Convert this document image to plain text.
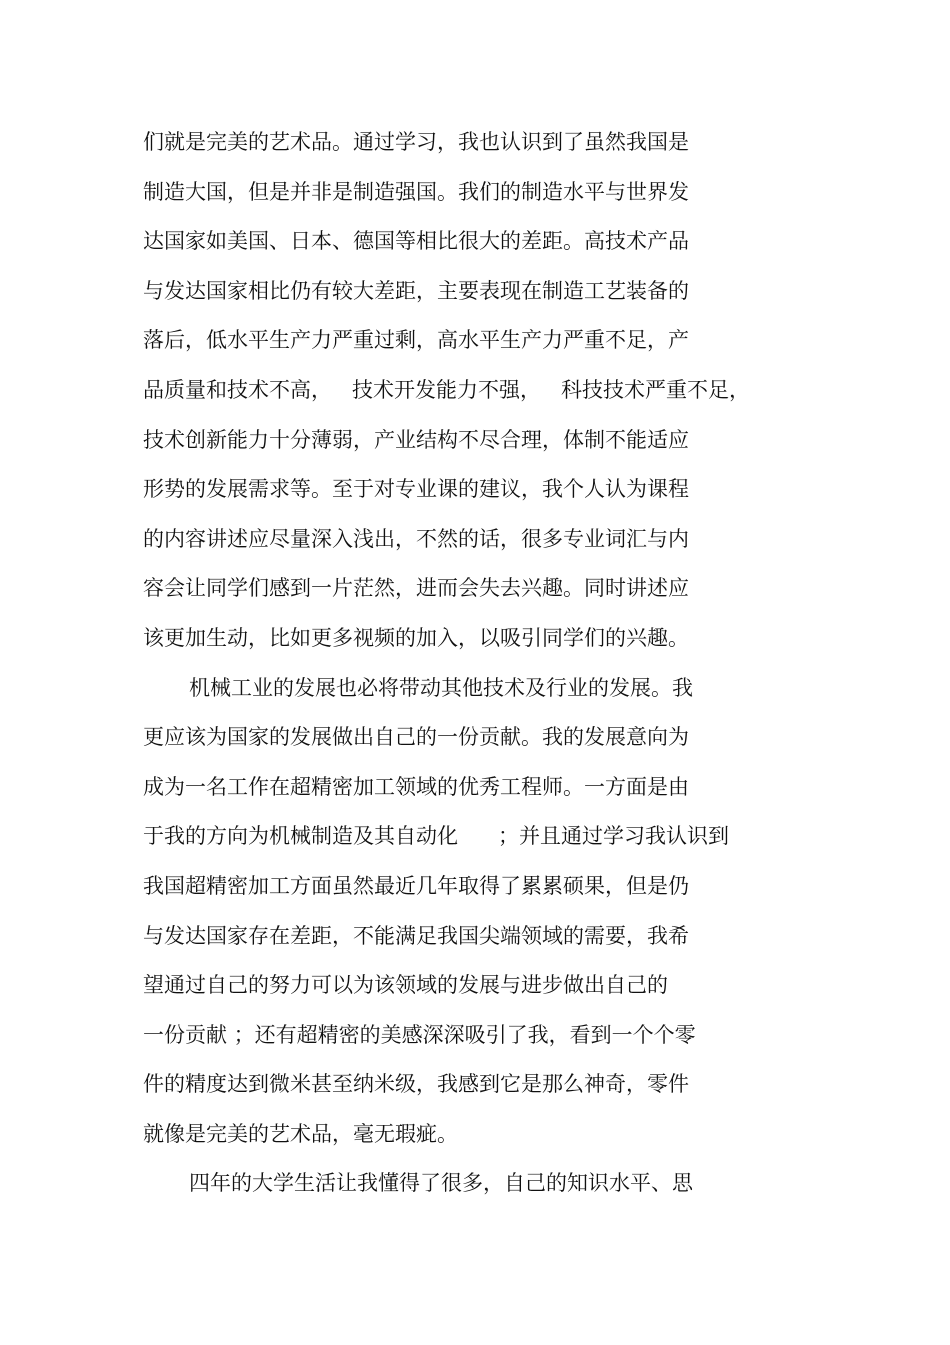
们就是完美的艺术品。通过学习，我也认识到了虽然我国是
制造大国，但是并非是制造强国。我们的制造水平与世界发
达国家如美国、日本、德国等相比很大的差距。高技术产品
与发达国家相比仍有较大差距，主要表现在制造工艺装备的
落后，低水平生产力严重过剩，高水平生产力严重不足，产
品质量和技术不高，   技术开发能力不强，   科技技术严重不足，
技术创新能力十分薄弱，产业结构不尽合理，体制不能适应
形势的发展需求等。至于对专业课的建议，我个人认为课程
的内容讲述应尽量深入浅出，不然的话，很多专业词汇与内
容会让同学们感到一片茫然，进而会失去兴趣。同时讲述应
该更加生动，比如更多视频的加入，以吸引同学们的兴趣。
机械工业的发展也必将带动其他技术及行业的发展。我
更应该为国家的发展做出自己的一份贡献。我的发展意向为
成为一名工作在超精密加工领域的优秀工程师。一方面是由
于我的方向为机械制造及其自动化      ；并且通过学习我认识到
我国超精密加工方面虽然最近几年取得了累累硕果，但是仍
与发达国家存在差距，不能满足我国尖端领域的需要，我希
望通过自己的努力可以为该领域的发展与进步做出自己的
一份贡献 ；还有超精密的美感深深吸引了我，看到一个个零
件的精度达到微米甚至纳米级，我感到它是那么神奇，零件
就像是完美的艺术品，毫无瑕疵。
四年的大学生活让我懂得了很多，自己的知识水平、思
